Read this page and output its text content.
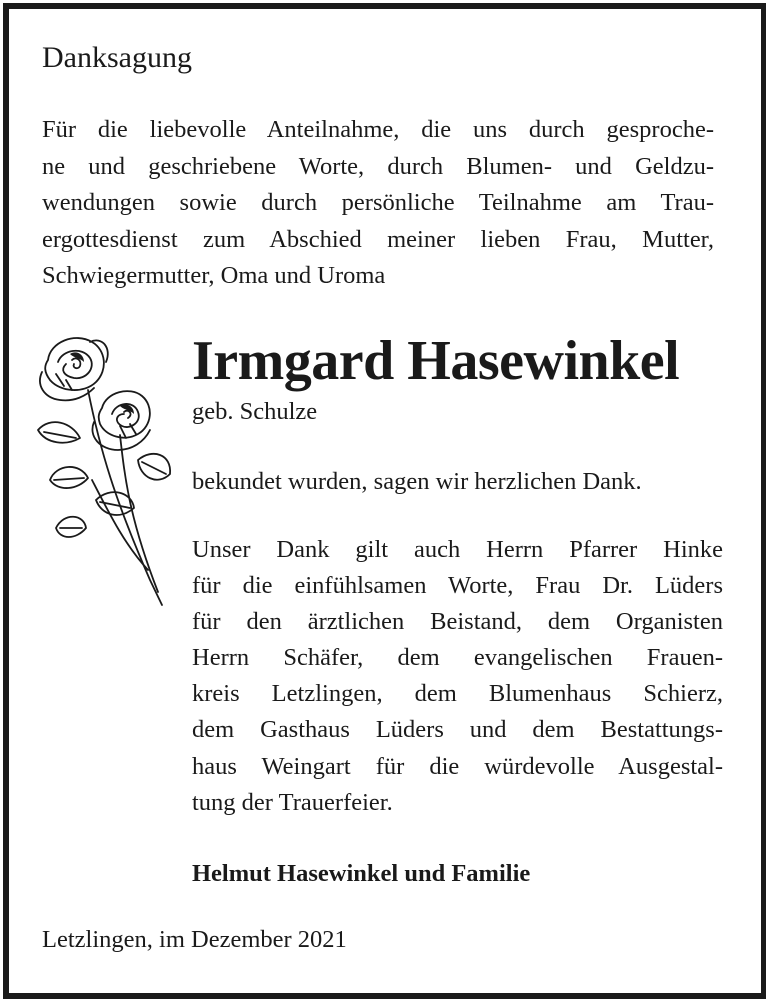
Danksagung
Für die liebevolle Anteilnahme, die uns durch gesproche-
ne und geschriebene Worte, durch Blumen- und Geldzu-
wendungen sowie durch persönliche Teilnahme am Trau-
ergottesdienst zum Abschied meiner lieben Frau, Mutter,
Schwiegermutter, Oma und Uroma
Irmgard Hasewinkel
geb. Schulze
bekundet wurden, sagen wir herzlichen Dank.
Unser Dank gilt auch Herrn Pfarrer Hinke
für die einfühlsamen Worte, Frau Dr. Lüders
für den ärztlichen Beistand, dem Organisten
Herrn Schäfer, dem evangelischen Frauen-
kreis Letzlingen, dem Blumenhaus Schierz,
dem Gasthaus Lüders und dem Bestattungs-
haus Weingart für die würdevolle Ausgestal-
tung der Trauerfeier.
Helmut Hasewinkel und Familie
Letzlingen, im Dezember 2021
